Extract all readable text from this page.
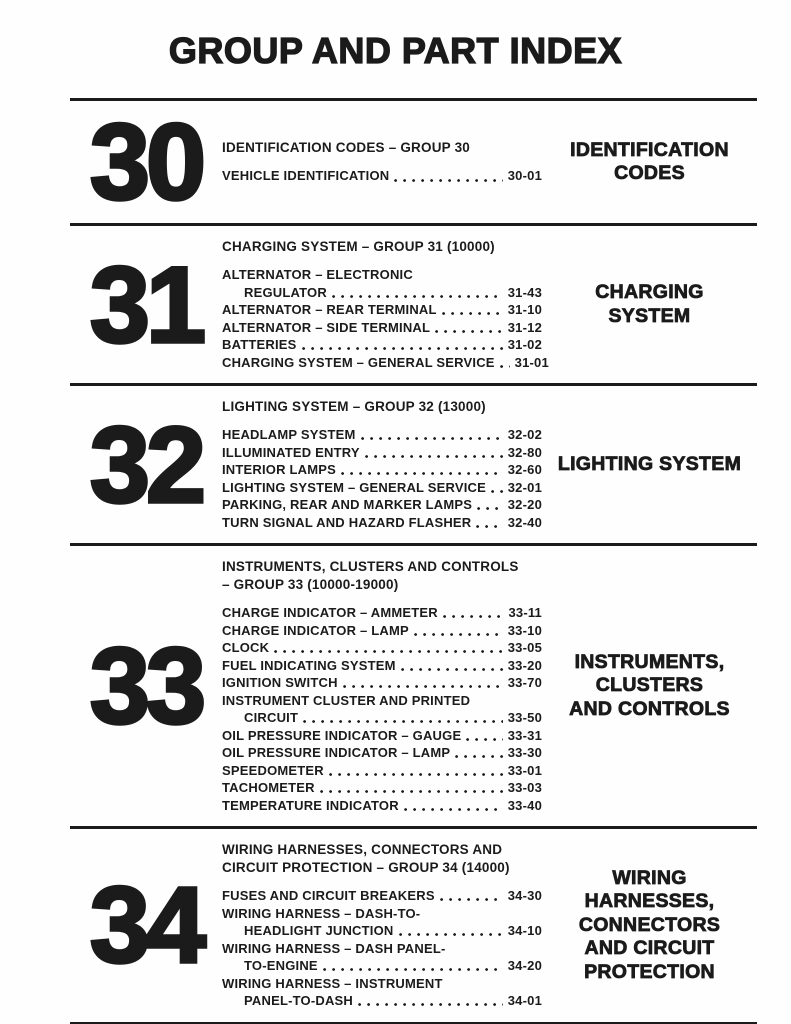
GROUP AND PART INDEX
30	IDENTIFICATION CODES – GROUP 30
VEHICLE IDENTIFICATION	30-01
IDENTIFICATION
CODES
31	CHARGING SYSTEM – GROUP 31 (10000)
ALTERNATOR – ELECTRONIC
REGULATOR	31-43
ALTERNATOR – REAR TERMINAL	31-10
ALTERNATOR – SIDE TERMINAL	31-12
BATTERIES	31-02
CHARGING SYSTEM – GENERAL SERVICE 31-01
CHARGING
SYSTEM
32	LIGHTING SYSTEM – GROUP 32 (13000)
HEADLAMP SYSTEM	32-02
ILLUMINATED ENTRY	32-80
INTERIOR LAMPS	32-60
LIGHTING SYSTEM – GENERAL SERVICE 32-01
PARKING, REAR AND MARKER LAMPS	32-20
TURN SIGNAL AND HAZARD FLASHER	32-40
LIGHTING SYSTEM
33
INSTRUMENTS, CLUSTERS AND CONTROLS
– GROUP 33 (10000-19000)
CHARGE INDICATOR – AMMETER	33-11
CHARGE INDICATOR – LAMP	33-10
CLOCK	33-05
FUEL INDICATING SYSTEM	33-20
IGNITION SWITCH	33-70
INSTRUMENT CLUSTER AND PRINTED
CIRCUIT	33-50
OIL PRESSURE INDICATOR – GAUGE	33-31
OIL PRESSURE INDICATOR – LAMP	33-30
SPEEDOMETER	33-01
TACHOMETER	33-03
TEMPERATURE INDICATOR	33-40
INSTRUMENTS,
CLUSTERS
AND CONTROLS
34
WIRING HARNESSES, CONNECTORS AND
CIRCUIT PROTECTION – GROUP 34 (14000)
FUSES AND CIRCUIT BREAKERS	34-30
WIRING HARNESS – DASH-TO-
HEADLIGHT JUNCTION	34-10
WIRING HARNESS – DASH PANEL-
TO-ENGINE	34-20
WIRING HARNESS – INSTRUMENT
PANEL-TO-DASH	34-01
WIRING HARNESSES,
CONNECTORS
AND CIRCUIT
PROTECTION
